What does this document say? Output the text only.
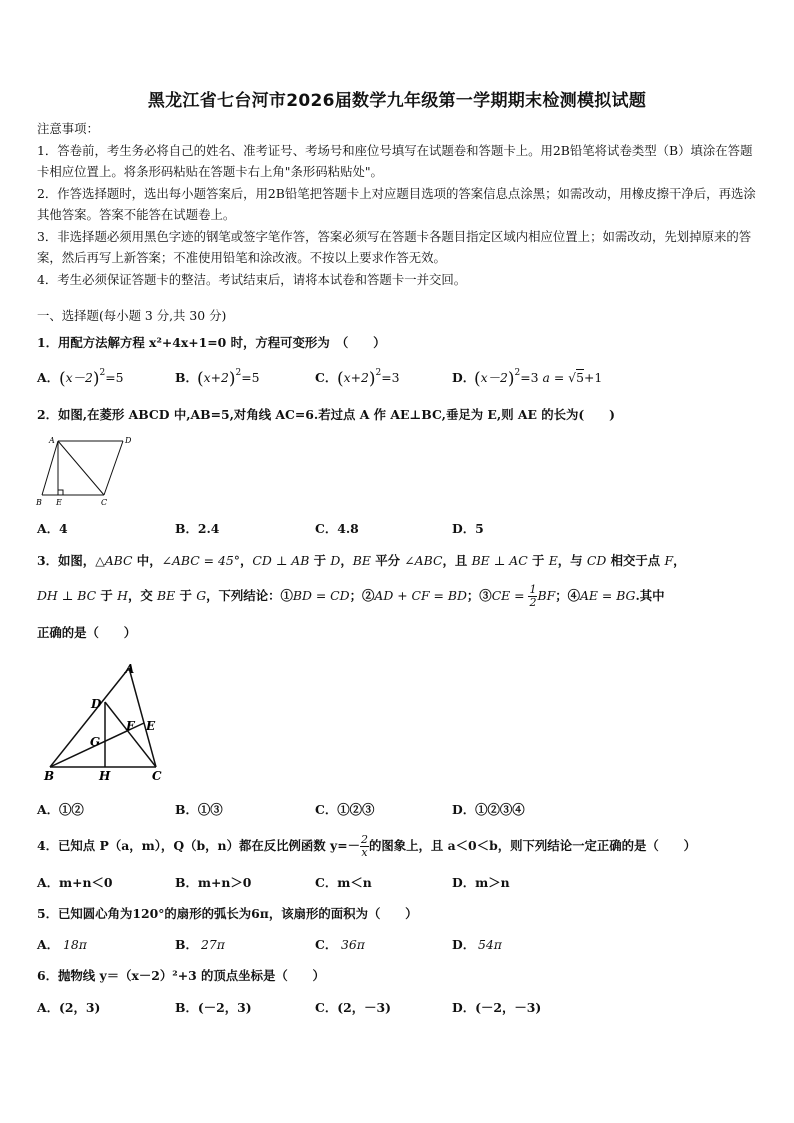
黑龙江省七台河市2026届数学九年级第一学期期末检测模拟试题

注意事项：

1．答卷前，考生务必将自己的姓名、准考证号、考场号和座位号填写在试题卷和答题卡上。用2B铅笔将试卷类型（B）填涂在答题卡相应位置上。将条形码粘贴在答题卡右上角"条形码粘贴处"。

2．作答选择题时，选出每小题答案后，用2B铅笔把答题卡上对应题目选项的答案信息点涂黑；如需改动，用橡皮擦干净后，再选涂其他答案。答案不能答在试题卷上。

3．非选择题必须用黑色字迹的钢笔或签字笔作答，答案必须写在答题卡各题目指定区域内相应位置上；如需改动，先划掉原来的答案，然后再写上新答案；不准使用铅笔和涂改液。不按以上要求作答无效。

4．考生必须保证答题卡的整洁。考试结束后，请将本试卷和答题卡一并交回。

一、选择题(每小题 3 分,共 30 分)
1．用配方法解方程 x²+4x+1=0 时，方程可变形为　（　　）
A．$(x-2)^2=5$	B．$(x+2)^2=5$	C．$(x+2)^2=3$	D．$(x-2)^2=3$ a = √5+1
2．如图,在菱形 ABCD 中,AB=5,对角线 AC=6.若过点 A 作 AE⊥BC,垂足为 E,则 AE 的长为(　　)
A	D
B E	C
A．4	B．2.4	C．4.8	D．5
3．如图，△ABC 中，∠ABC = 45°，CD ⊥ AB 于 D，BE 平分 ∠ABC，且 BE ⊥ AC 于 E，与 CD 相交于点 F，
DH ⊥ BC 于 H，交 BE 于 G，下列结论：①BD = CD；②AD + CF = BD；③CE = $\frac{1}{2}$ BF；④AE = BG.其中
正确的是（　　）
A
D
F E
G
B	H	C
A．①②	B．①③	C．①②③	D．①②③④
4．已知点 P（a，m），Q（b，n）都在反比例函数 $y=- \frac{2}{x}$ 的图象上，且 a＜0＜b，则下列结论一定正确的是（　　）
A．m+n＜0	B．m+n＞0	C．m＜n	D．m＞n
5．已知圆心角为120°的扇形的弧长为6π，该扇形的面积为（　　）
A． 18π	B． 27π	C． 36π	D． 54π
6．抛物线 y＝（x－2）²+3 的顶点坐标是（　　）
A．(2，3)	B．(－2，3)	C．(2，－3)	D．(－2，－3)
